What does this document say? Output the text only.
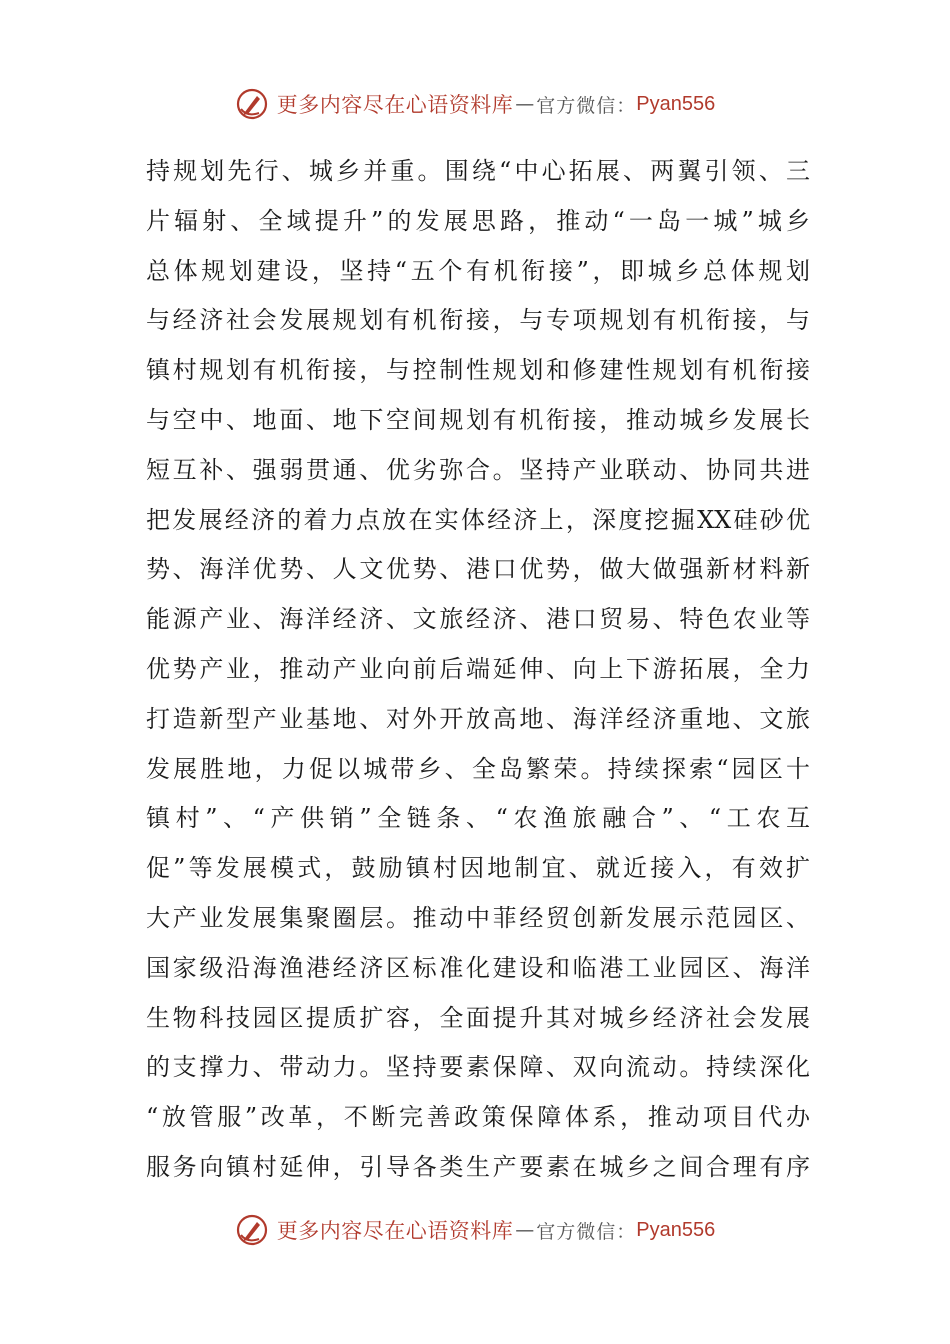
更多内容尽在心语资料库 — 官方微信： Pyan556
持规划先行、城乡并重。围绕“中心拓展、两翼引领、三
片辐射、全域提升”的发展思路，推动“一岛一城”城乡
总体规划建设，坚持“五个有机衔接”，即城乡总体规划
与经济社会发展规划有机衔接，与专项规划有机衔接，与
镇村规划有机衔接，与控制性规划和修建性规划有机衔接
与空中、地面、地下空间规划有机衔接，推动城乡发展长
短互补、强弱贯通、优劣弥合。坚持产业联动、协同共进
把发展经济的着力点放在实体经济上，深度挖掘XX硅砂优
势、海洋优势、人文优势、港口优势，做大做强新材料新
能源产业、海洋经济、文旅经济、港口贸易、特色农业等
优势产业，推动产业向前后端延伸、向上下游拓展，全力
打造新型产业基地、对外开放高地、海洋经济重地、文旅
发展胜地，力促以城带乡、全岛繁荣。持续探索“园区十
镇村”、“产供销”全链条、“农渔旅融合”、“工农互
促”等发展模式，鼓励镇村因地制宜、就近接入，有效扩
大产业发展集聚圈层。推动中菲经贸创新发展示范园区、
国家级沿海渔港经济区标准化建设和临港工业园区、海洋
生物科技园区提质扩容，全面提升其对城乡经济社会发展
的支撑力、带动力。坚持要素保障、双向流动。持续深化
“放管服”改革，不断完善政策保障体系，推动项目代办
服务向镇村延伸，引导各类生产要素在城乡之间合理有序
更多内容尽在心语资料库 — 官方微信： Pyan556
